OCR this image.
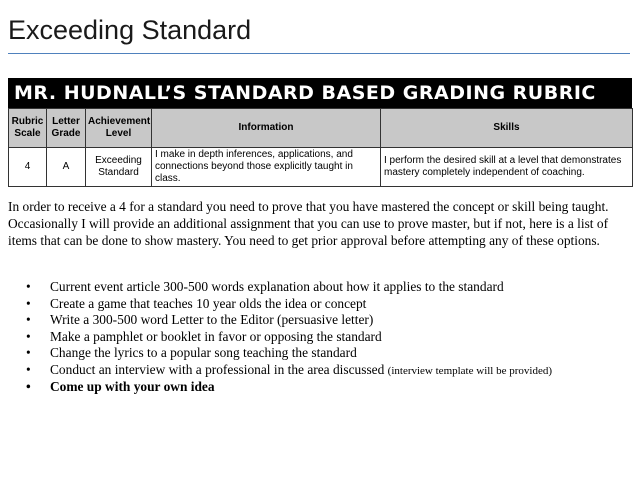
Exceeding Standard
MR. HUDNALL’S STANDARD BASED GRADING RUBRIC
Rubric Scale	Letter Grade	Achievement Level	Information	Skills
4	A	Exceeding Standard	I make in depth inferences, applications, and connections beyond those explicitly taught in class.	I perform the desired skill at a level that demonstrates mastery completely independent of coaching.

In order to receive a 4 for a standard you need to prove that you have mastered the concept or skill being taught. Occasionally I will provide an additional assignment that you can use to prove master, but if not, here is a list of items that can be done to show mastery. You need to get prior approval before attempting any of these options.

• Current event article 300-500 words explanation about how it applies to the standard
• Create a game that teaches 10 year olds the idea or concept
• Write a 300-500 word Letter to the Editor (persuasive letter)
• Make a pamphlet or booklet in favor or opposing the standard
• Change the lyrics to a popular song teaching the standard
• Conduct an interview with a professional in the area discussed (interview template will be provided)
• Come up with your own idea
